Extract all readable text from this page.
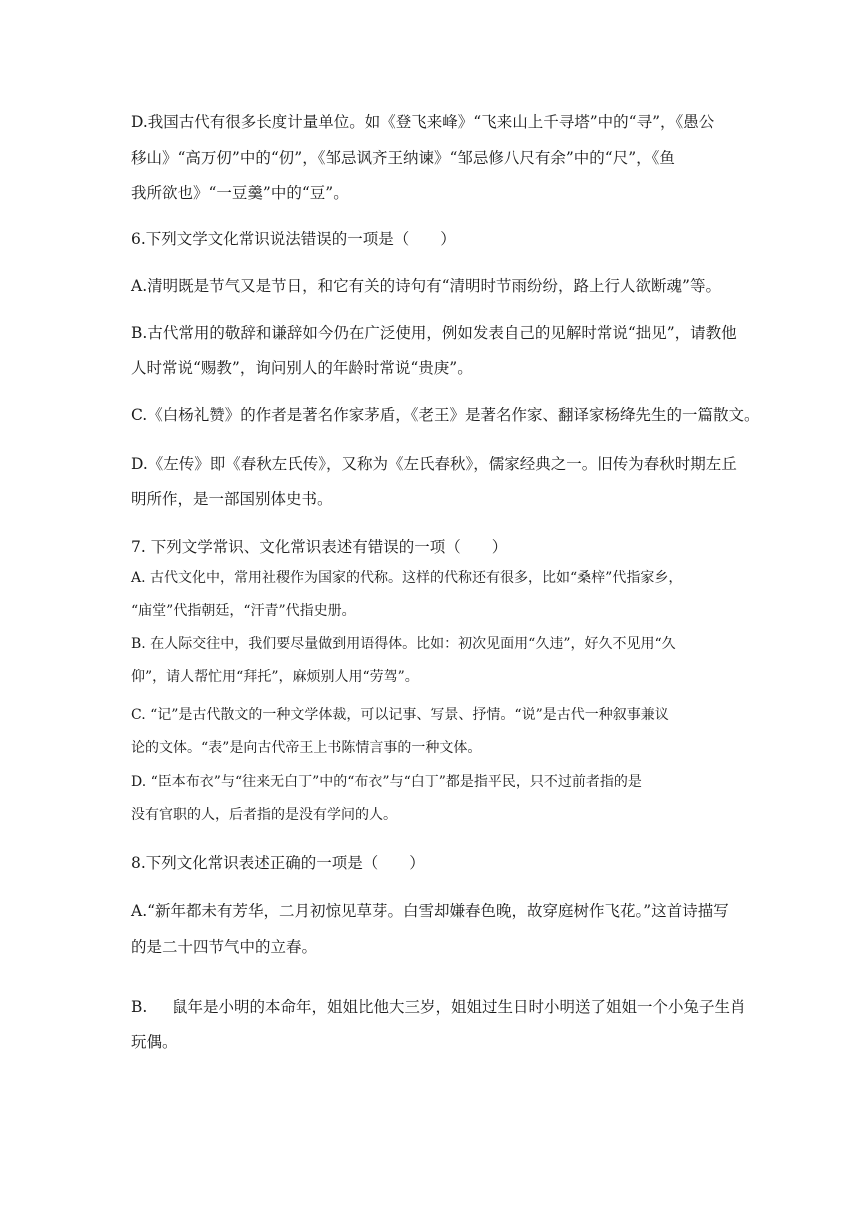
D.我国古代有很多长度计量单位。如《登飞来峰》“飞来山上千寻塔”中的“寻”，《愚公
移山》“高万仞”中的“仞”，《邹忌讽齐王纳谏》“邹忌修八尺有余”中的“尺”，《鱼
我所欲也》“一豆羹”中的“豆”。
6.下列文学文化常识说法错误的一项是（　　）
A.清明既是节气又是节日，和它有关的诗句有“清明时节雨纷纷，路上行人欲断魂”等。
B.古代常用的敬辞和谦辞如今仍在广泛使用，例如发表自己的见解时常说“拙见”，请教他
人时常说“赐教”，询问别人的年龄时常说“贵庚”。
C.《白杨礼赞》的作者是著名作家茅盾，《老王》是著名作家、翻译家杨绛先生的一篇散文。
D.《左传》即《春秋左氏传》，又称为《左氏春秋》，儒家经典之一。旧传为春秋时期左丘
明所作，是一部国别体史书。
7. 下列文学常识、文化常识表述有错误的一项（　　）
A. 古代文化中，常用社稷作为国家的代称。这样的代称还有很多，比如“桑梓”代指家乡，
“庙堂”代指朝廷，“汗青”代指史册。
B. 在人际交往中，我们要尽量做到用语得体。比如：初次见面用“久违”，好久不见用“久
仰”，请人帮忙用“拜托”，麻烦别人用“劳驾”。
C. “记”是古代散文的一种文学体裁，可以记事、写景、抒情。“说”是古代一种叙事兼议
论的文体。“表”是向古代帝王上书陈情言事的一种文体。
D. “臣本布衣”与“往来无白丁”中的“布衣”与“白丁”都是指平民，只不过前者指的是
没有官职的人，后者指的是没有学问的人。
8.下列文化常识表述正确的一项是（　　）
A.“新年都未有芳华，二月初惊见草芽。白雪却嫌春色晚，故穿庭树作飞花。”这首诗描写
的是二十四节气中的立春。
B. 鼠年是小明的本命年，姐姐比他大三岁，姐姐过生日时小明送了姐姐一个小兔子生肖
玩偶。
